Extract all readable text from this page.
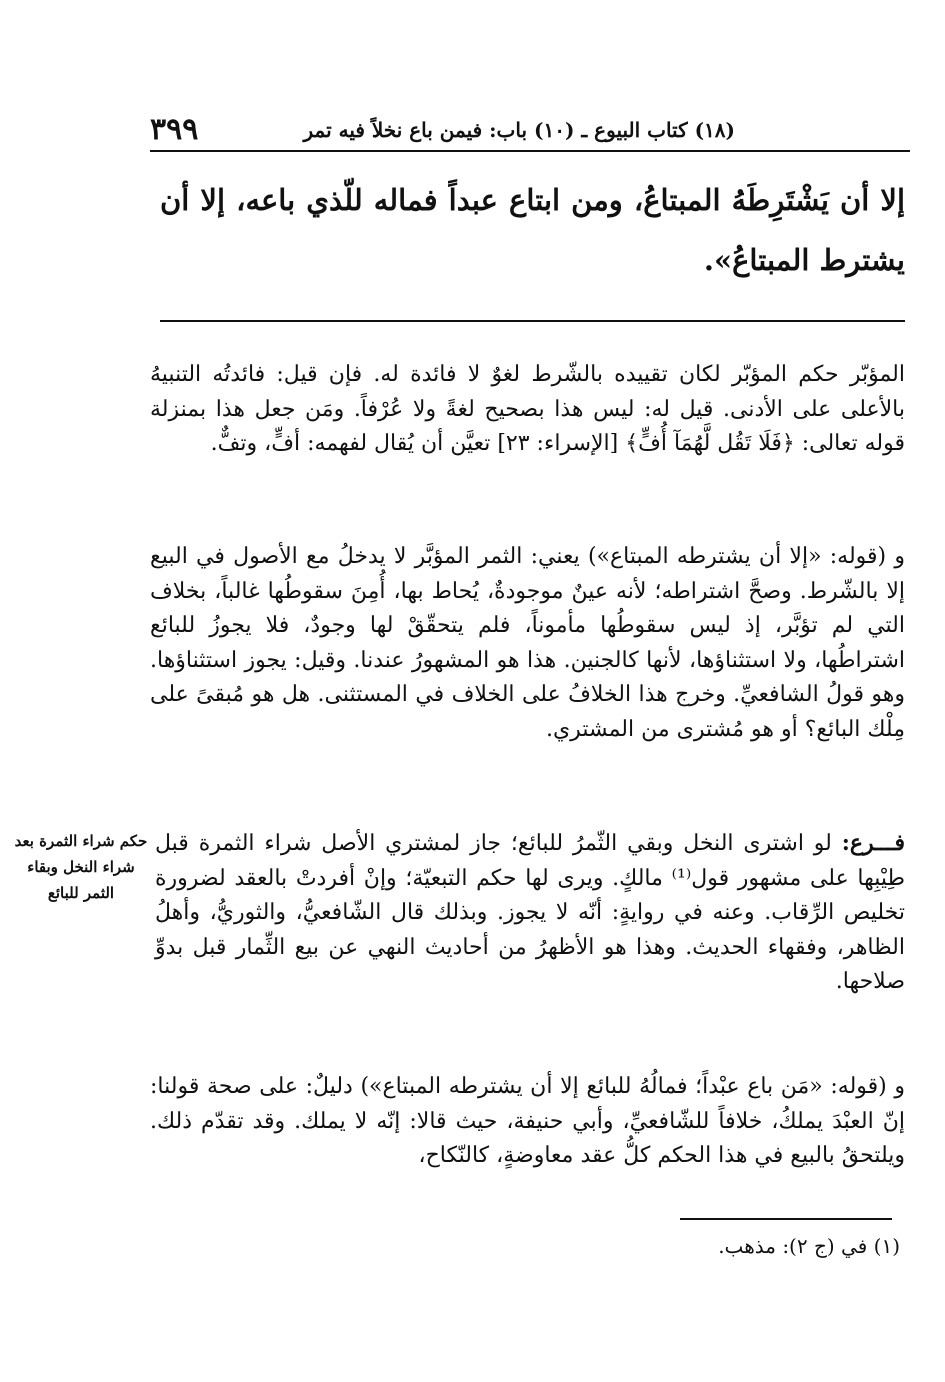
٣٩٩	(١٨) كتاب البيوع ـ (١٠) باب: فيمن باع نخلاً فيه تمر
إلا أن يَشْتَرِطَهُ المبتاعُ، ومن ابتاع عبداً فماله للّذي باعه، إلا أن يشترط المبتاعُ».
المؤبّر حكم المؤبّر لكان تقييده بالشّرط لغوٌ لا فائدة له. فإن قيل: فائدتُه التنبيهُ بالأعلى على الأدنى. قيل له: ليس هذا بصحيح لغةً ولا عُرْفاً. ومَن جعل هذا بمنزلة قوله تعالى: ﴿فَلَا تَقُل لَّهُمَآ أُفٍّ﴾ [الإسراء: ٢٣] تعيَّن أن يُقال لفهمه: أفٍّ، وتفٌّ.
و (قوله: «إلا أن يشترطه المبتاع») يعني: الثمر المؤبَّر لا يدخلُ مع الأصول في البيع إلا بالشّرط. وصحَّ اشتراطه؛ لأنه عينٌ موجودةٌ، يُحاط بها، أُمِنَ سقوطُها غالباً، بخلاف التي لم تؤبَّر، إذ ليس سقوطُها مأموناً، فلم يتحقّقْ لها وجودٌ، فلا يجوزُ للبائع اشتراطُها، ولا استثناؤها، لأنها كالجنين. هذا هو المشهورُ عندنا. وقيل: يجوز استثناؤها. وهو قولُ الشافعيِّ. وخرج هذا الخلافُ على الخلاف في المستثنى. هل هو مُبقىً على مِلْك البائع؟ أو هو مُشترى من المشتري.
فـــرع: لو اشترى النخل وبقي الثّمرُ للبائع؛ جاز لمشتري الأصل شراء الثمرة قبل طِيْبِها على مشهور قول⁽¹⁾ مالكٍ. ويرى لها حكم التبعيّة؛ وإنْ أفردتْ بالعقد لضرورة تخليص الرِّقاب. وعنه في روايةٍ: أنّه لا يجوز. وبذلك قال الشّافعيُّ، والثوريُّ، وأهلُ الظاهر، وفقهاء الحديث. وهذا هو الأظهرُ من أحاديث النهي عن بيع الثِّمار قبل بدوِّ صلاحها.
حكم شراء الثمرة بعد شراء النخل وبقاء الثمر للبائع
و (قوله: «مَن باع عبْداً؛ فمالُهُ للبائع إلا أن يشترطه المبتاع») دليلٌ: على صحة قولنا: إنّ العبْدَ يملكُ، خلافاً للشّافعيِّ، وأبي حنيفة، حيث قالا: إنّه لا يملك. وقد تقدّم ذلك. ويلتحقُ بالبيع في هذا الحكم كلُّ عقد معاوضةٍ، كالنّكاح،
(١) في (ج ٢): مذهب.
